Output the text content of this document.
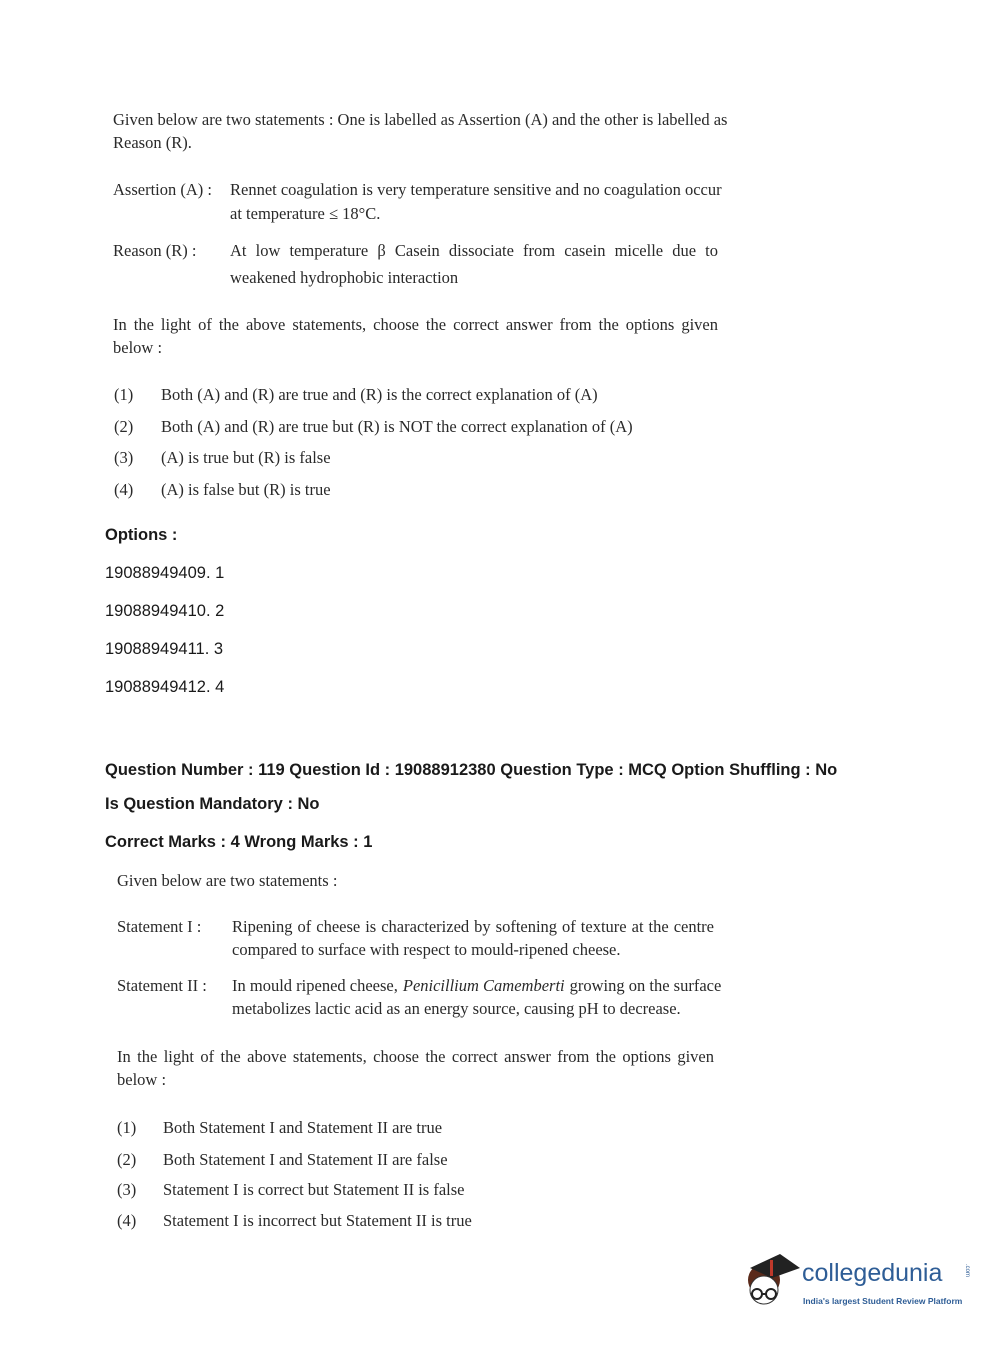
Given below are two statements : One is labelled as Assertion (A) and the other is labelled as
Reason (R).
Assertion (A) : Rennet coagulation is very temperature sensitive and no coagulation occur
at temperature ≤ 18°C.
Reason (R) : At low temperature β Casein dissociate from casein micelle due to
weakened hydrophobic interaction
In the light of the above statements, choose the correct answer from the options given
below :
(1) Both (A) and (R) are true and (R) is the correct explanation of (A)
(2) Both (A) and (R) are true but (R) is NOT the correct explanation of (A)
(3) (A) is true but (R) is false
(4) (A) is false but (R) is true
Options :
19088949409. 1
19088949410. 2
19088949411. 3
19088949412. 4
Question Number : 119 Question Id : 19088912380 Question Type : MCQ Option Shuffling : No
Is Question Mandatory : No
Correct Marks : 4 Wrong Marks : 1
Given below are two statements :
Statement I : Ripening of cheese is characterized by softening of texture at the centre
compared to surface with respect to mould-ripened cheese.
Statement II : In mould ripened cheese, Penicillium Camemberti growing on the surface
metabolizes lactic acid as an energy source, causing pH to decrease.
In the light of the above statements, choose the correct answer from the options given
below :
(1) Both Statement I and Statement II are true
(2) Both Statement I and Statement II are false
(3) Statement I is correct but Statement II is false
(4) Statement I is incorrect but Statement II is true
collegedunia	.com
India's largest Student Review Platform
